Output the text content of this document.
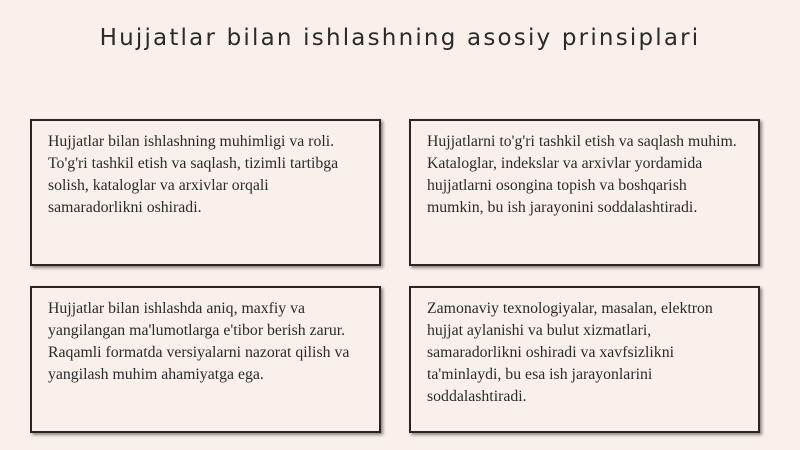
Hujjatlar bilan ishlashning asosiy prinsiplari

Hujjatlar bilan ishlashning muhimligi va roli. To'g'ri tashkil etish va saqlash, tizimli tartibga solish, kataloglar va arxivlar orqali samaradorlikni oshiradi.

Hujjatlarni to'g'ri tashkil etish va saqlash muhim. Kataloglar, indekslar va arxivlar yordamida hujjatlarni osongina topish va boshqarish mumkin, bu ish jarayonini soddalashtiradi.

Hujjatlar bilan ishlashda aniq, maxfiy va yangilangan ma'lumotlarga e'tibor berish zarur. Raqamli formatda versiyalarni nazorat qilish va yangilash muhim ahamiyatga ega.

Zamonaviy texnologiyalar, masalan, elektron hujjat aylanishi va bulut xizmatlari, samaradorlikni oshiradi va xavfsizlikni ta'minlaydi, bu esa ish jarayonlarini soddalashtiradi.
